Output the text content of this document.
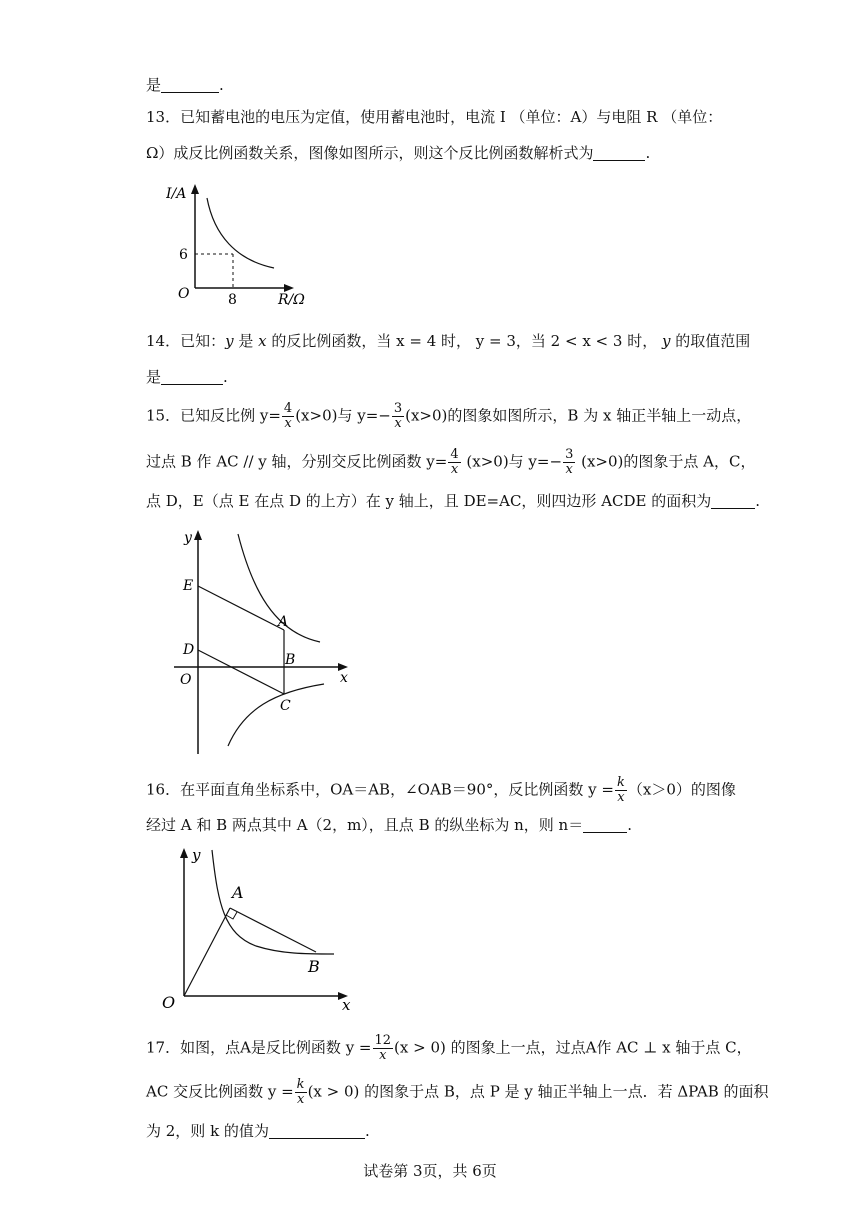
是	.
13．已知蓄电池的电压为定值，使用蓄电池时，电流 I （单位：A）与电阻 R （单位：
Ω）成反比例函数关系，图像如图所示，则这个反比例函数解析式为	.
I/A
R/Ω
O
6
8
14．已知：y 是 x 的反比例函数，当 x = 4 时， y = 3，当 2 < x < 3 时， y 的取值范围
是	.
15．已知反比例 $y= \frac{4}{x} (x>0)$与 $y=- \frac{3}{x} (x>0)$的图象如图所示，B 为 x 轴正半轴上一动点，
过点 B 作 AC // y 轴，分别交反比例函数 $y= \frac{4}{x} (x>0)$与 $y=- \frac{3}{x} (x>0)$的图象于点 A，C，
点 D，E（点 E 在点 D 的上方）在 y 轴上，且 DE=AC，则四边形 ACDE 的面积为	.
y
x
O
E
D
A
B
C
16．在平面直角坐标系中，OA＝AB，∠OAB＝90°，反比例函数 $y = \frac{k}{x} (x>0)$的图像
经过 A 和 B 两点其中 A（2，m），且点 B 的纵坐标为 n，则 n＝	.
y
x
O
A
B
17．如图，点A是反比例函数 $y = \frac{12}{x} (x > 0)$ 的图象上一点，过点A作 AC ⊥ x 轴于点 C，
AC 交反比例函数 $y = \frac{k}{x} (x > 0)$ 的图象于点 B，点 P 是 y 轴正半轴上一点．若 ΔPAB 的面积
为 2，则 k 的值为	.
试卷第 3页，共 6页
